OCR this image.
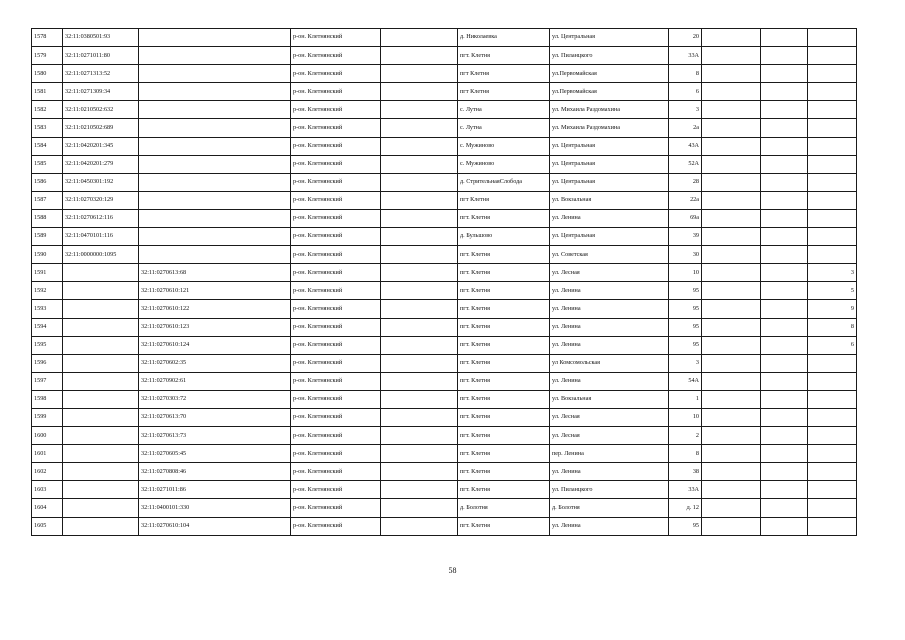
1578	32:11:0380501:93		р-он. Клетнянский		д. Николаевка	ул. Центральная	20			
1579	32:11:0271011:80		р-он. Клетнянский		пгт. Клетня	ул. Пиланцкого	33А			
1580	32:11:0271313:52		р-он. Клетнянский		пгт Клетня	ул.Первомайская	8			
1581	32:11:0271309:34		р-он. Клетнянский		пгт Клетня	ул.Первомайская	6			
1582	32:11:0210502:632		р-он. Клетнянский		с. Лутна	ул. Михаила Раздомахина	3			
1583	32:11:0210502:689		р-он. Клетнянский		с. Лутна	ул. Михаила Раздомахина	2а			
1584	32:11:0420201:345		р-он. Клетнянский		с. Мужиново	ул. Центральная	43А			
1585	32:11:0420201:279		р-он. Клетнянский		с. Мужиново	ул. Центральная	52А			
1586	32:11:0450301:192		р-он. Клетнянский		д. СтрительнаяСлобода	ул. Центральная	28			
1587	32:11:0270320:129		р-он. Клетнянский		пгт Клетня	ул. Вокзальная	22а			
1588	32:11:0270612:116		р-он. Клетнянский		пгт. Клетня	ул. Ленина	69а			
1589	32:11:0470101:116		р-он. Клетнянский		д. Бульшово	ул. Центральная	39			
1590	32:11:0000000:1095		р-он. Клетнянский		пгт. Клетня	ул. Советская	30			
1591		32:11:0270613:68	р-он. Клетнянский		пгт. Клетня	ул. Лесная	10			3
1592		32:11:0270610:121	р-он. Клетнянский		пгт. Клетня	ул. Ленина	95			5
1593		32:11:0270610:122	р-он. Клетнянский		пгт. Клетня	ул. Ленина	95			9
1594		32:11:0270610:123	р-он. Клетнянский		пгт. Клетня	ул. Ленина	95			8
1595		32:11:0270610:124	р-он. Клетнянский		пгт. Клетня	ул. Ленина	95			6
1596		32:11:0270602:35	р-он. Клетнянский		пгт. Клетня	ул Комсомольская	3			
1597		32:11:0270902:61	р-он. Клетнянский		пгт. Клетня	ул. Ленина	54А			
1598		32:11:0270303:72	р-он. Клетнянский		пгт. Клетня	ул. Вокзальная	1			
1599		32:11:0270613:70	р-он. Клетнянский		пгт. Клетня	ул. Лесная	10			
1600		32:11:0270613:73	р-он. Клетнянский		пгт. Клетня	ул. Лесная	2			
1601		32:11:0270605:45	р-он. Клетнянский		пгт. Клетня	пер. Ленина	8			
1602		32:11:0270808:46	р-он. Клетнянский		пгт. Клетня	ул. Ленина	38			
1603		32:11:0271011:86	р-он. Клетнянский		пгт. Клетня	ул. Пиланцкого	33А			
1604		32:11:0400101:330	р-он. Клетнянский		д. Болотня	д. Болотня	д. 12			
1605		32:11:0270610:104	р-он. Клетнянский		пгт. Клетня	ул. Ленина	95			
58
